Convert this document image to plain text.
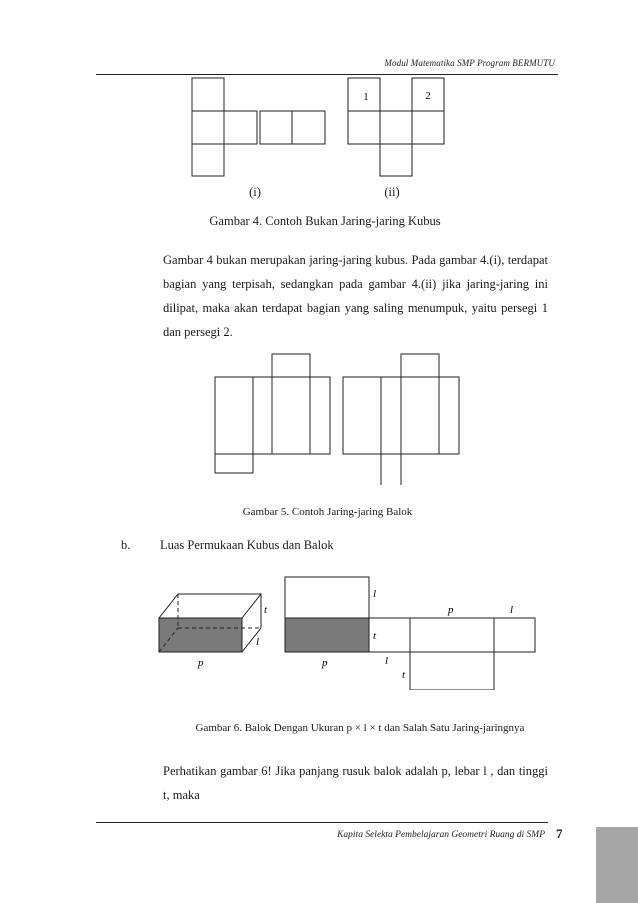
Modul Matematika SMP Program BERMUTU
1	2
(i)	(ii)
Gambar 4. Contoh Bukan Jaring-jaring Kubus
Gambar 4 bukan merupakan jaring-jaring kubus. Pada gambar 4.(i), terdapat bagian yang terpisah, sedangkan pada gambar 4.(ii) jika jaring-jaring ini dilipat, maka akan terdapat bagian yang saling menumpuk, yaitu persegi 1 dan persegi 2.
Gambar 5. Contoh Jaring-jaring Balok
b. Luas Permukaan Kubus dan Balok
t
l
p
l
p	l
t
p	l
t
Gambar 6. Balok Dengan Ukuran p × l × t dan Salah Satu Jaring-jaringnya
Perhatikan gambar 6! Jika panjang rusuk balok adalah p, lebar l , dan tinggi t, maka
Kapita Selekta Pembelajaran Geometri Ruang di SMP 7
